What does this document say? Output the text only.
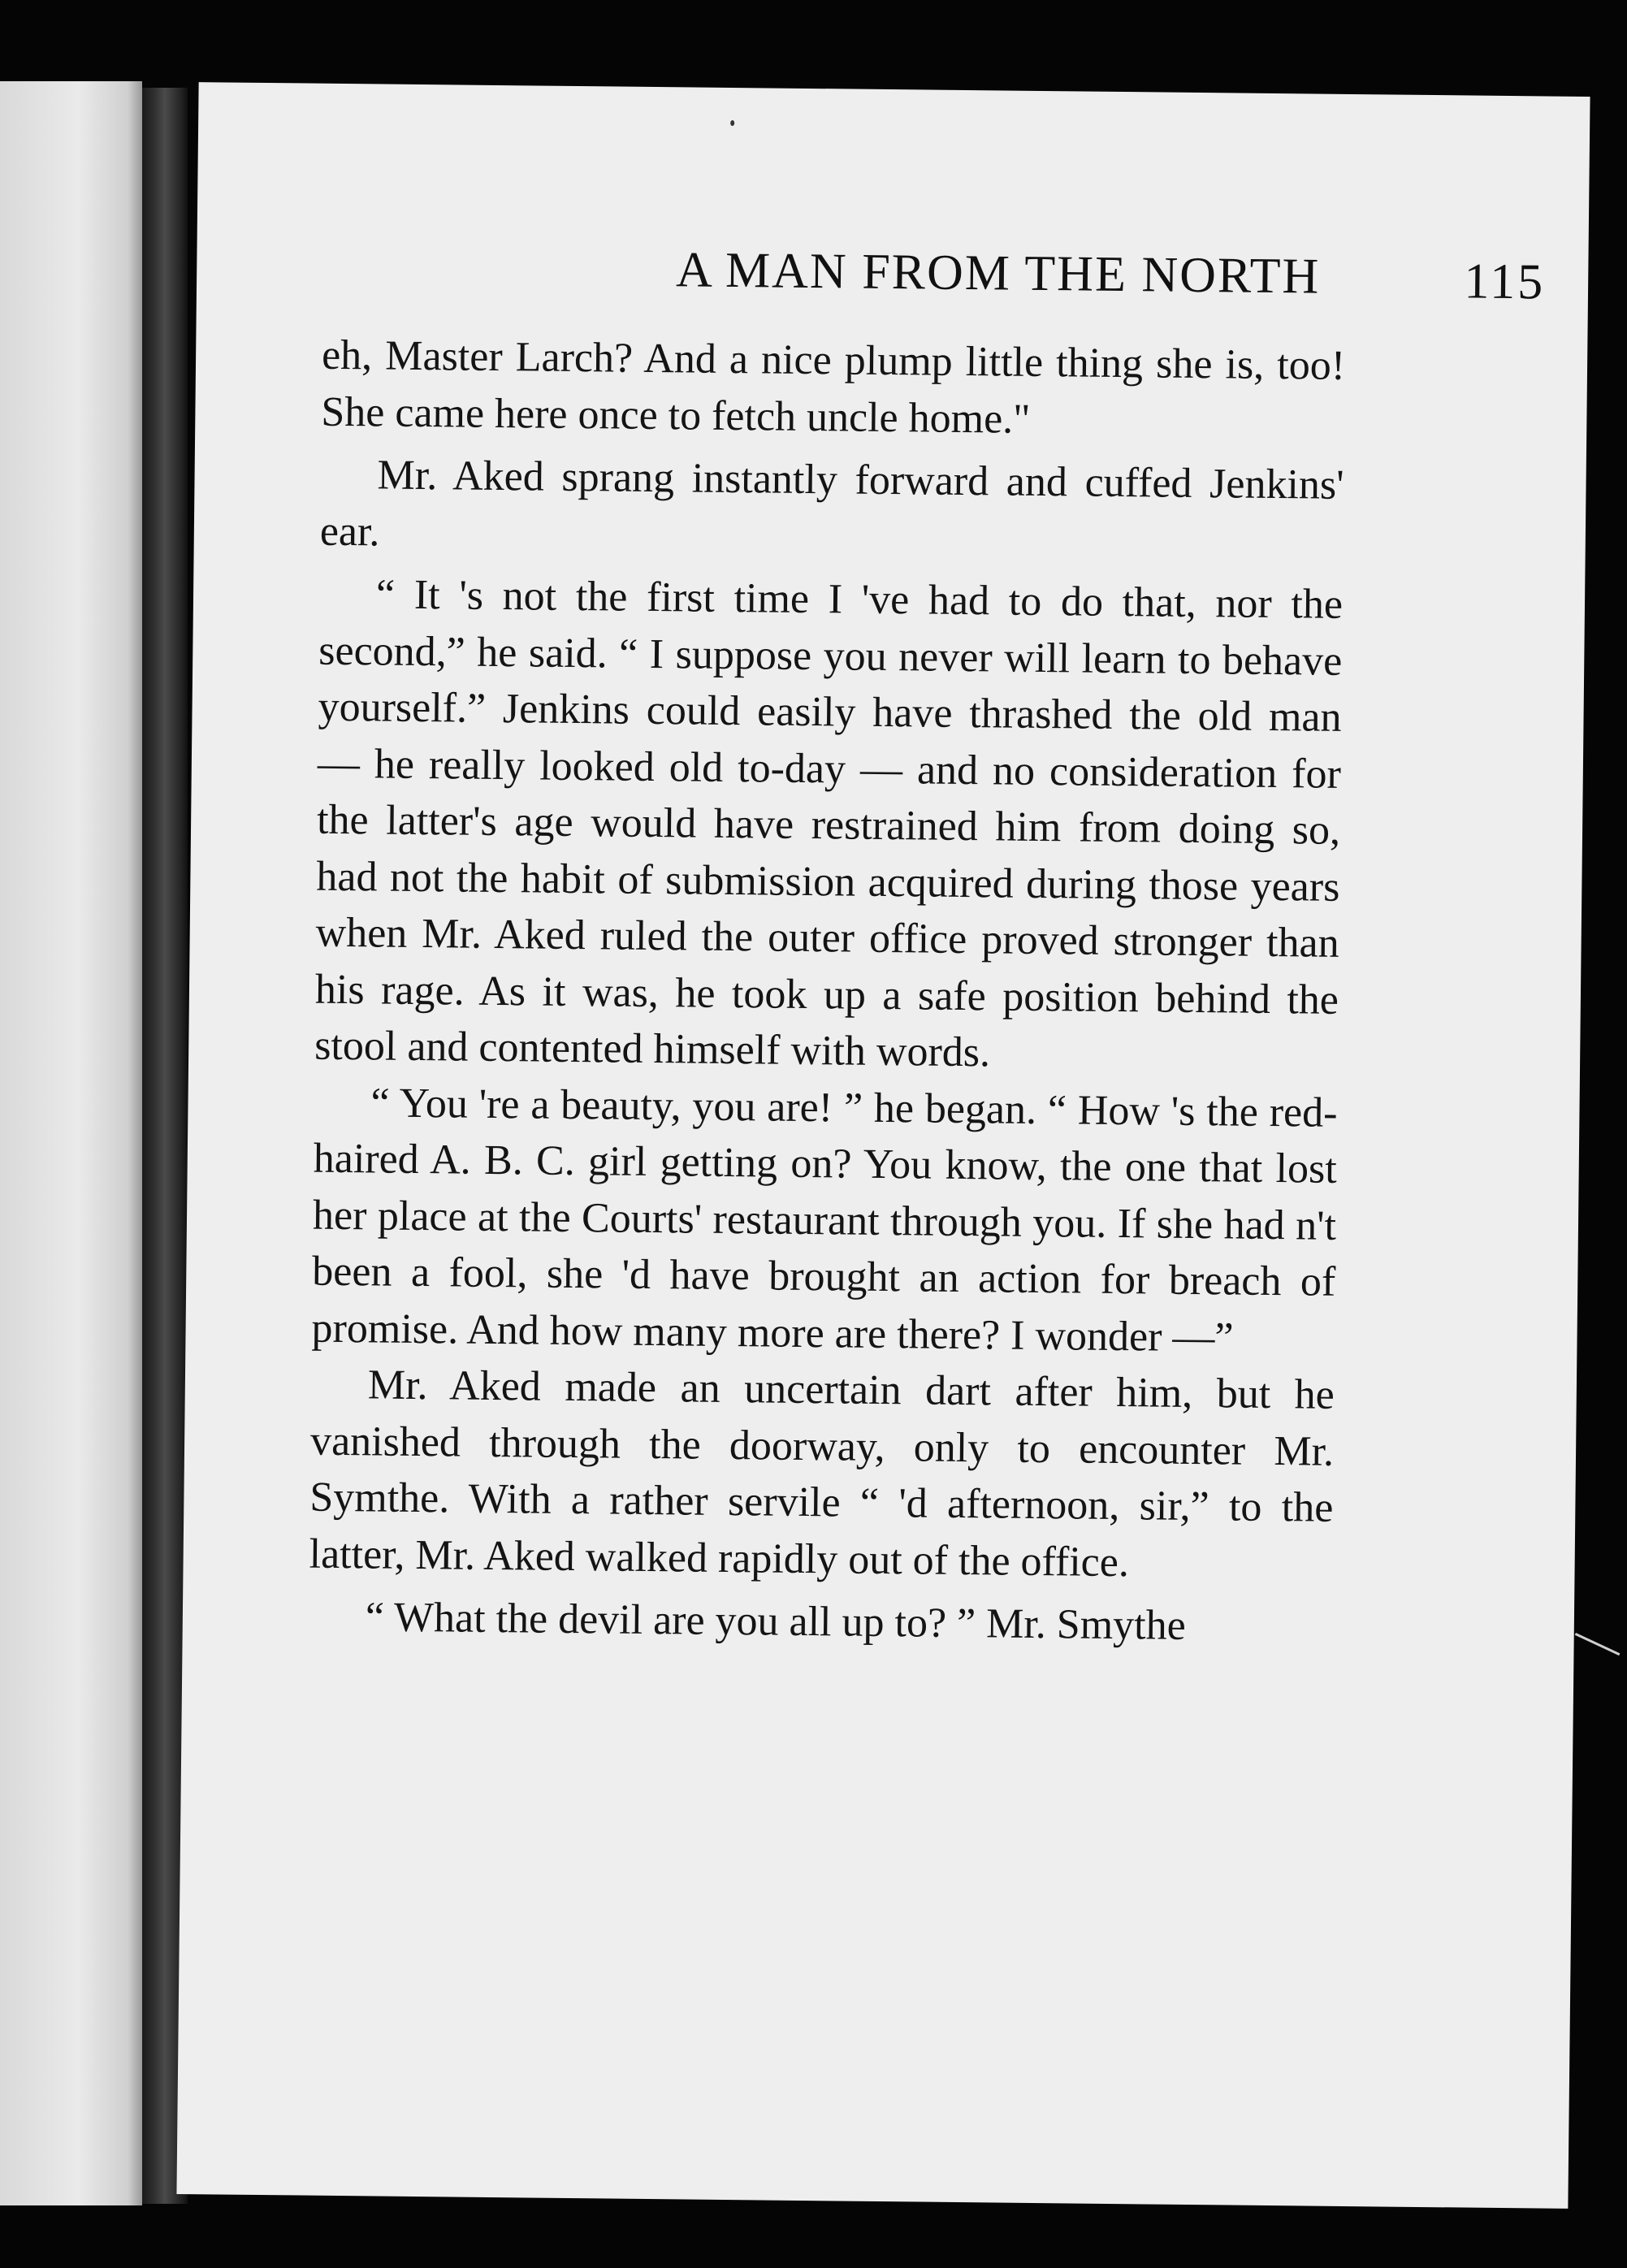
A MAN FROM THE NORTH	115

eh, Master Larch? And a nice plump little thing she is, too! She came here once to fetch uncle home."

Mr. Aked sprang instantly forward and cuffed Jenkins' ear.

“ It 's not the first time I 've had to do that, nor the second,” he said. “ I suppose you never will learn to behave yourself.” Jenkins could easily have thrashed the old man — he really looked old to-day — and no consideration for the latter's age would have restrained him from doing so, had not the habit of submission acquired during those years when Mr. Aked ruled the outer office proved stronger than his rage. As it was, he took up a safe position behind the stool and contented himself with words.

“ You 're a beauty, you are! ” he began. “ How 's the red-haired A. B. C. girl getting on? You know, the one that lost her place at the Courts' restaurant through you. If she had n't been a fool, she 'd have brought an action for breach of promise. And how many more are there? I wonder —”

Mr. Aked made an uncertain dart after him, but he vanished through the doorway, only to encounter Mr. Symthe. With a rather servile “ 'd afternoon, sir,” to the latter, Mr. Aked walked rapidly out of the office.

“ What the devil are you all up to? ” Mr. Smythe
